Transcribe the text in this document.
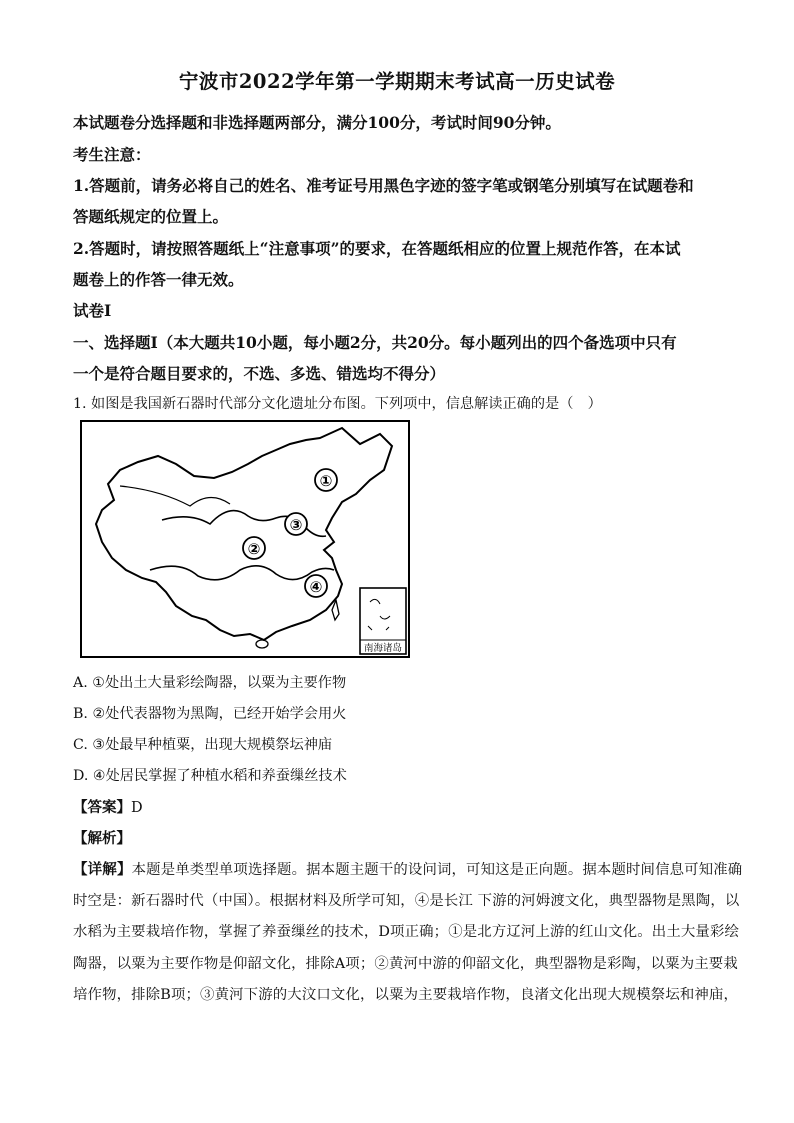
宁波市2022学年第一学期期末考试高一历史试卷
本试题卷分选择题和非选择题两部分，满分100分，考试时间90分钟。
考生注意：
1.答题前，请务必将自己的姓名、准考证号用黑色字迹的签字笔或钢笔分别填写在试题卷和
答题纸规定的位置上。
2.答题时，请按照答题纸上“注意事项”的要求，在答题纸相应的位置上规范作答，在本试
题卷上的作答一律无效。
试卷Ⅰ
一、选择题Ⅰ（本大题共10小题，每小题2分，共20分。每小题列出的四个备选项中只有
一个是符合题目要求的，不选、多选、错选均不得分）
1. 如图是我国新石器时代部分文化遗址分布图。下列项中，信息解读正确的是（　）
①
②
③
④
南海诸岛
A. ①处出土大量彩绘陶器，以粟为主要作物
B. ②处代表器物为黑陶，已经开始学会用火
C. ③处最早种植粟，出现大规模祭坛神庙
D. ④处居民掌握了种植水稻和养蚕缫丝技术
【答案】D
【解析】
【详解】本题是单类型单项选择题。据本题主题干的设问词，可知这是正向题。据本题时间信息可知准确
时空是：新石器时代（中国）。根据材料及所学可知，④是长江 下游的河姆渡文化，典型器物是黑陶，以
水稻为主要栽培作物，掌握了养蚕缫丝的技术，D项正确；①是北方辽河上游的红山文化。出土大量彩绘
陶器，以粟为主要作物是仰韶文化，排除A项；②黄河中游的仰韶文化，典型器物是彩陶，以粟为主要栽
培作物，排除B项；③黄河下游的大汶口文化，以粟为主要栽培作物，良渚文化出现大规模祭坛和神庙，
